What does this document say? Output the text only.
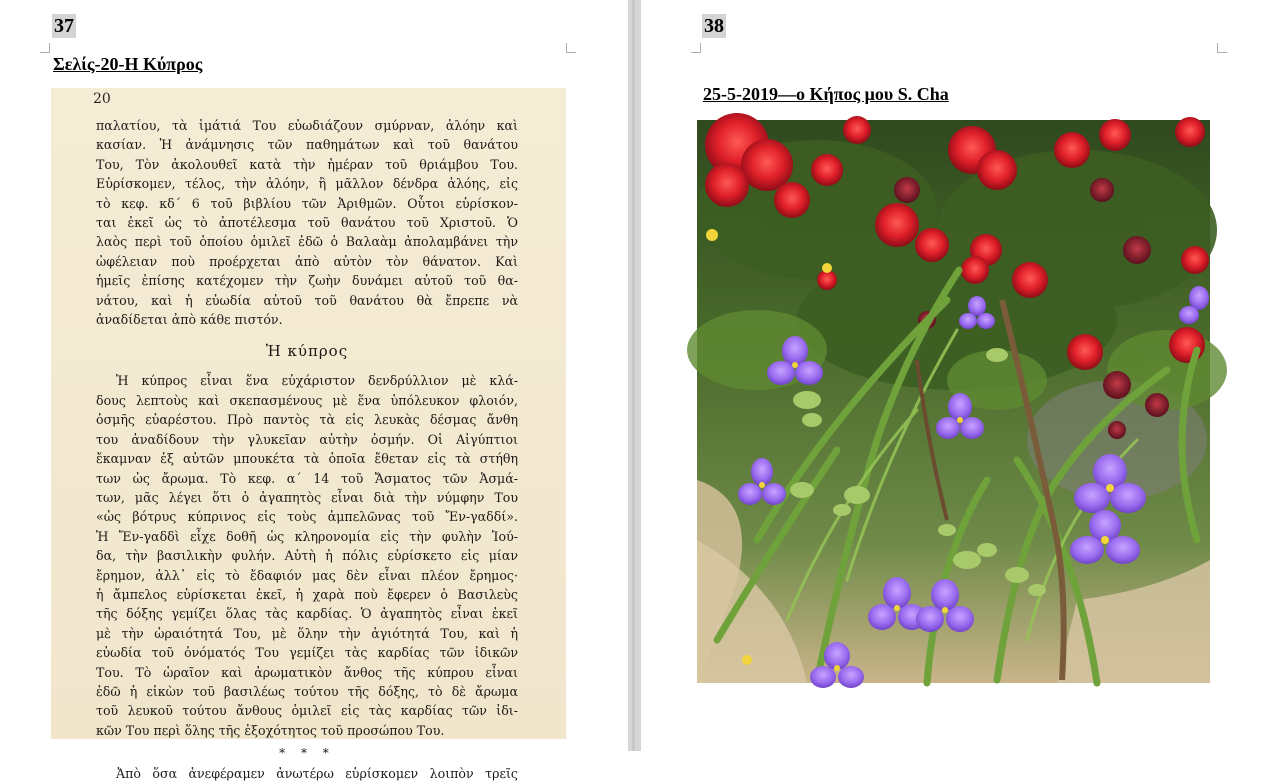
37
Σελίς-20-Η Κύπρος
20
παλατίου, τὰ ἱμάτιά Του εὐωδιάζουν σμύρναν, ἀλόην καὶ
κασίαν. Ἡ ἀνάμνησις τῶν παθημάτων καὶ τοῦ θανάτου
Του, Τὸν ἀκολουθεῖ κατὰ τὴν ἡμέραν τοῦ θριάμβου Του.
Εὑρίσκομεν, τέλος, τὴν ἀλόην, ἢ μᾶλλον δένδρα ἀλόης, εἰς
τὸ κεφ. κδ΄ 6 τοῦ βιβλίου τῶν Ἀριθμῶν. Οὗτοι εὑρίσκον-
ται ἐκεῖ ὡς τὸ ἀποτέλεσμα τοῦ θανάτου τοῦ Χριστοῦ. Ὁ
λαὸς περὶ τοῦ ὁποίου ὁμιλεῖ ἐδῶ ὁ Βαλαὰμ ἀπολαμβάνει τὴν
ὠφέλειαν ποὺ προέρχεται ἀπὸ αὐτὸν τὸν θάνατον. Καὶ
ἡμεῖς ἐπίσης κατέχομεν τὴν ζωὴν δυνάμει αὐτοῦ τοῦ θα-
νάτου, καὶ ἡ εὐωδία αὐτοῦ τοῦ θανάτου θὰ ἔπρεπε νὰ
ἀναδίδεται ἀπὸ κάθε πιστόν.
Ἡ κύπρος
Ἡ κύπρος εἶναι ἕνα εὐχάριστον δενδρύλλιον μὲ κλά-
δους λεπτοὺς καὶ σκεπασμένους μὲ ἕνα ὑπόλευκον φλοιόν,
ὀσμῆς εὐαρέστου. Πρὸ παντὸς τὰ εἰς λευκὰς δέσμας ἄνθη
του ἀναδίδουν τὴν γλυκεῖαν αὐτὴν ὀσμήν. Οἱ Αἰγύπτιοι
ἔκαμναν ἐξ αὐτῶν μπουκέτα τὰ ὁποῖα ἔθεταν εἰς τὰ στήθη
των ὡς ἄρωμα. Τὸ κεφ. α΄ 14 τοῦ Ἄσματος τῶν Ἀσμά-
των, μᾶς λέγει ὅτι ὁ ἀγαπητὸς εἶναι διὰ τὴν νύμφην Του
«ὡς βότρυς κύπρινος εἰς τοὺς ἀμπελῶνας τοῦ Ἔν-γαδδί».
Ἡ Ἔν-γαδδὶ εἶχε δοθῆ ὡς κληρονομία εἰς τὴν φυλὴν Ἰού-
δα, τὴν βασιλικὴν φυλήν. Αὐτὴ ἡ πόλις εὑρίσκετο εἰς μίαν
ἔρημον, ἀλλ᾽ εἰς τὸ ἔδαφιόν μας δὲν εἶναι πλέον ἔρημος·
ἡ ἄμπελος εὑρίσκεται ἐκεῖ, ἡ χαρὰ ποὺ ἔφερεν ὁ Βασιλεὺς
τῆς δόξης γεμίζει ὅλας τὰς καρδίας. Ὁ ἀγαπητὸς εἶναι ἐκεῖ
μὲ τὴν ὡραιότητά Του, μὲ ὅλην τὴν ἁγιότητά Του, καὶ ἡ
εὐωδία τοῦ ὀνόματός Του γεμίζει τὰς καρδίας τῶν ἰδικῶν
Του. Τὸ ὡραῖον καὶ ἀρωματικὸν ἄνθος τῆς κύπρου εἶναι
ἐδῶ ἡ εἰκὼν τοῦ βασιλέως τούτου τῆς δόξης, τὸ δὲ ἄρωμα
τοῦ λευκοῦ τούτου ἄνθους ὁμιλεῖ εἰς τὰς καρδίας τῶν ἰδι-
κῶν Του περὶ ὅλης τῆς ἐξοχότητος τοῦ προσώπου Του.
* * *
Ἀπὸ ὅσα ἀνεφέραμεν ἀνωτέρω εὑρίσκομεν λοιπὸν τρεῖς
38
25-5-2019—ο Κήπος μου S. Cha
